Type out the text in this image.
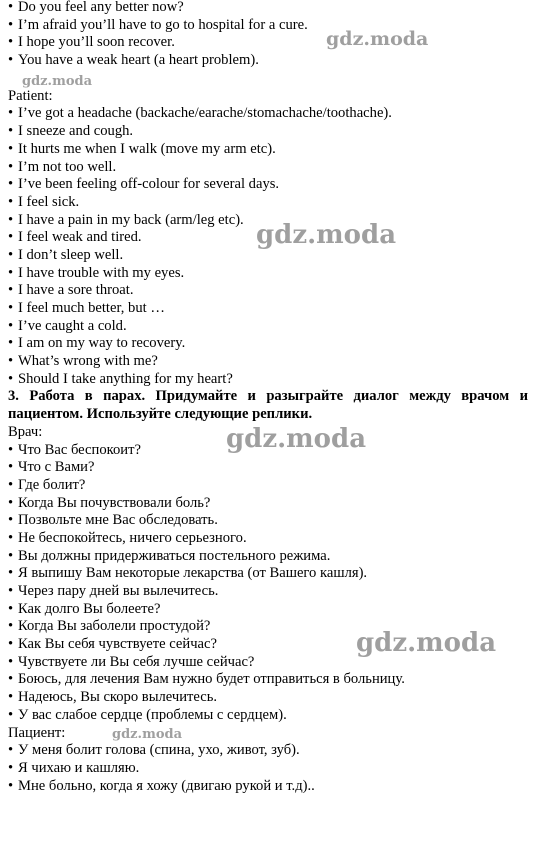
• Do you feel any better now?
• I’m afraid you’ll have to go to hospital for a cure.
• I hope you’ll soon recover.
• You have a weak heart (a heart problem).
Patient:
• I’ve got a headache (backache/earache/stomachache/toothache).
• I sneeze and cough.
• It hurts me when I walk (move my arm etc).
• I’m not too well.
• I’ve been feeling off-colour for several days.
• I feel sick.
• I have a pain in my back (arm/leg etc).
• I feel weak and tired.
• I don’t sleep well.
• I have trouble with my eyes.
• I have a sore throat.
• I feel much better, but …
• I’ve caught a cold.
• I am on my way to recovery.
• What’s wrong with me?
• Should I take anything for my heart?
3. Работа в парах. Придумайте и разыграйте диалог между врачом и пациентом. Используйте следующие реплики.
Врач:
• Что Вас беспокоит?
• Что с Вами?
• Где болит?
• Когда Вы почувствовали боль?
• Позвольте мне Вас обследовать.
• Не беспокойтесь, ничего серьезного.
• Вы должны придерживаться постельного режима.
• Я выпишу Вам некоторые лекарства (от Вашего кашля).
• Через пару дней вы вылечитесь.
• Как долго Вы болеете?
• Когда Вы заболели простудой?
• Как Вы себя чувствуете сейчас?
• Чувствуете ли Вы себя лучше сейчас?
• Боюсь, для лечения Вам нужно будет отправиться в больницу.
• Надеюсь, Вы скоро вылечитесь.
• У вас слабое сердце (проблемы с сердцем).
Пациент:
• У меня болит голова (спина, ухо, живот, зуб).
• Я чихаю и кашляю.
• Мне больно, когда я хожу (двигаю рукой и т.д)..
gdz.moda
gdz.moda
gdz.moda
gdz.moda
gdz.moda
gdz.moda
